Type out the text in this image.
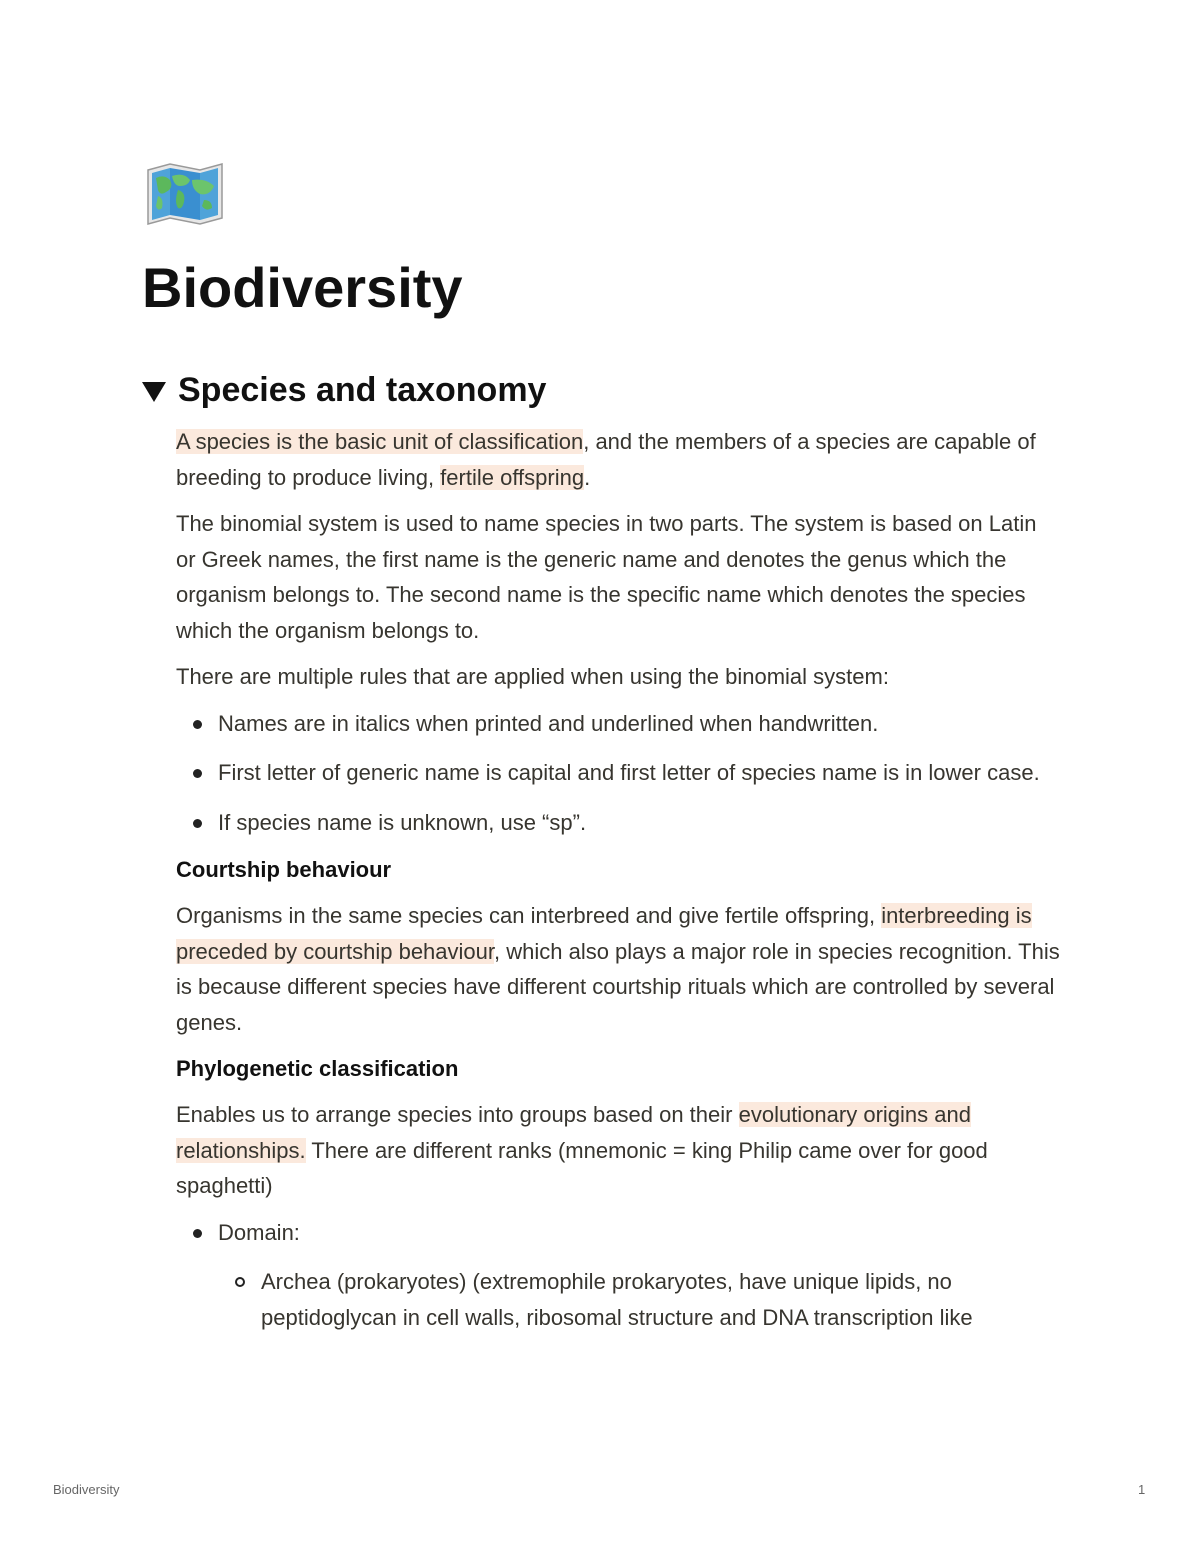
Biodiversity
Species and taxonomy

A species is the basic unit of classification, and the members of a species are capable of breeding to produce living, fertile offspring.

The binomial system is used to name species in two parts. The system is based on Latin or Greek names, the first name is the generic name and denotes the genus which the organism belongs to. The second name is the specific name which denotes the species which the organism belongs to.

There are multiple rules that are applied when using the binomial system:

Names are in italics when printed and underlined when handwritten.
First letter of generic name is capital and first letter of species name is in lower case.
If species name is unknown, use “sp”.
Courtship behaviour

Organisms in the same species can interbreed and give fertile offspring, interbreeding is preceded by courtship behaviour, which also plays a major role in species recognition. This is because different species have different courtship rituals which are controlled by several genes.

Phylogenetic classification

Enables us to arrange species into groups based on their evolutionary origins and relationships. There are different ranks (mnemonic = king Philip came over for good spaghetti)

Domain:
Archea (prokaryotes) (extremophile prokaryotes, have unique lipids, no peptidoglycan in cell walls, ribosomal structure and DNA transcription like
Biodiversity	1
